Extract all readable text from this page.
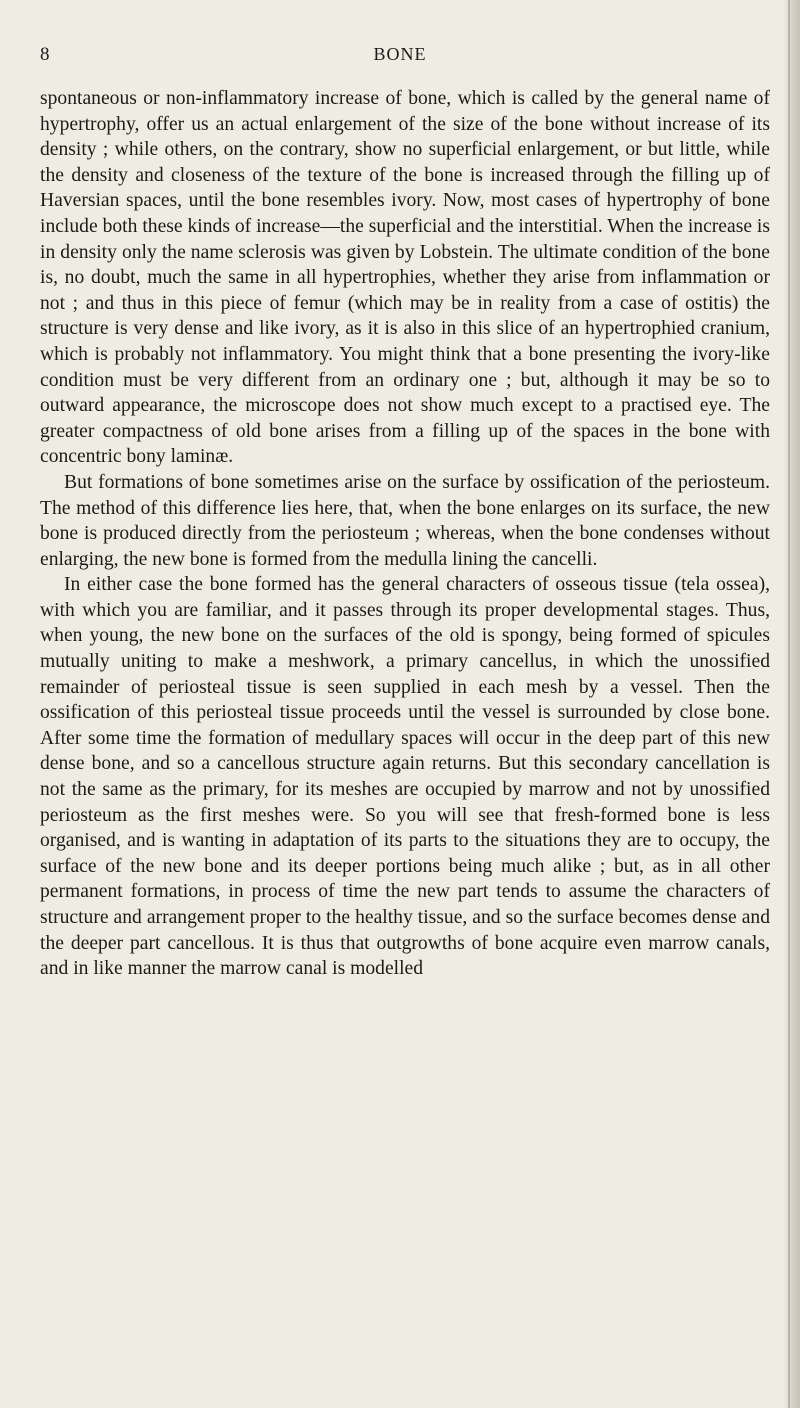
8	BONE

spontaneous or non-inflammatory increase of bone, which is called by the general name of hypertrophy, offer us an actual enlargement of the size of the bone without increase of its density ; while others, on the contrary, show no superficial enlargement, or but little, while the density and closeness of the texture of the bone is increased through the filling up of Haversian spaces, until the bone resembles ivory. Now, most cases of hypertrophy of bone include both these kinds of increase—the superficial and the interstitial. When the increase is in density only the name sclerosis was given by Lobstein. The ultimate condition of the bone is, no doubt, much the same in all hypertrophies, whether they arise from inflammation or not ; and thus in this piece of femur (which may be in reality from a case of ostitis) the structure is very dense and like ivory, as it is also in this slice of an hypertrophied cranium, which is probably not inflammatory. You might think that a bone presenting the ivory-like condition must be very different from an ordinary one ; but, although it may be so to outward appearance, the microscope does not show much except to a practised eye. The greater compactness of old bone arises from a filling up of the spaces in the bone with concentric bony laminæ.

But formations of bone sometimes arise on the surface by ossification of the periosteum. The method of this difference lies here, that, when the bone enlarges on its surface, the new bone is produced directly from the periosteum ; whereas, when the bone condenses without enlarging, the new bone is formed from the medulla lining the cancelli.

In either case the bone formed has the general characters of osseous tissue (tela ossea), with which you are familiar, and it passes through its proper developmental stages. Thus, when young, the new bone on the surfaces of the old is spongy, being formed of spicules mutually uniting to make a meshwork, a primary cancellus, in which the unossified remainder of periosteal tissue is seen supplied in each mesh by a vessel. Then the ossification of this periosteal tissue proceeds until the vessel is surrounded by close bone. After some time the formation of medullary spaces will occur in the deep part of this new dense bone, and so a cancellous structure again returns. But this secondary cancellation is not the same as the primary, for its meshes are occupied by marrow and not by unossified periosteum as the first meshes were. So you will see that fresh-formed bone is less organised, and is wanting in adaptation of its parts to the situations they are to occupy, the surface of the new bone and its deeper portions being much alike ; but, as in all other permanent formations, in process of time the new part tends to assume the characters of structure and arrangement proper to the healthy tissue, and so the surface becomes dense and the deeper part cancellous. It is thus that outgrowths of bone acquire even marrow canals, and in like manner the marrow canal is modelled
